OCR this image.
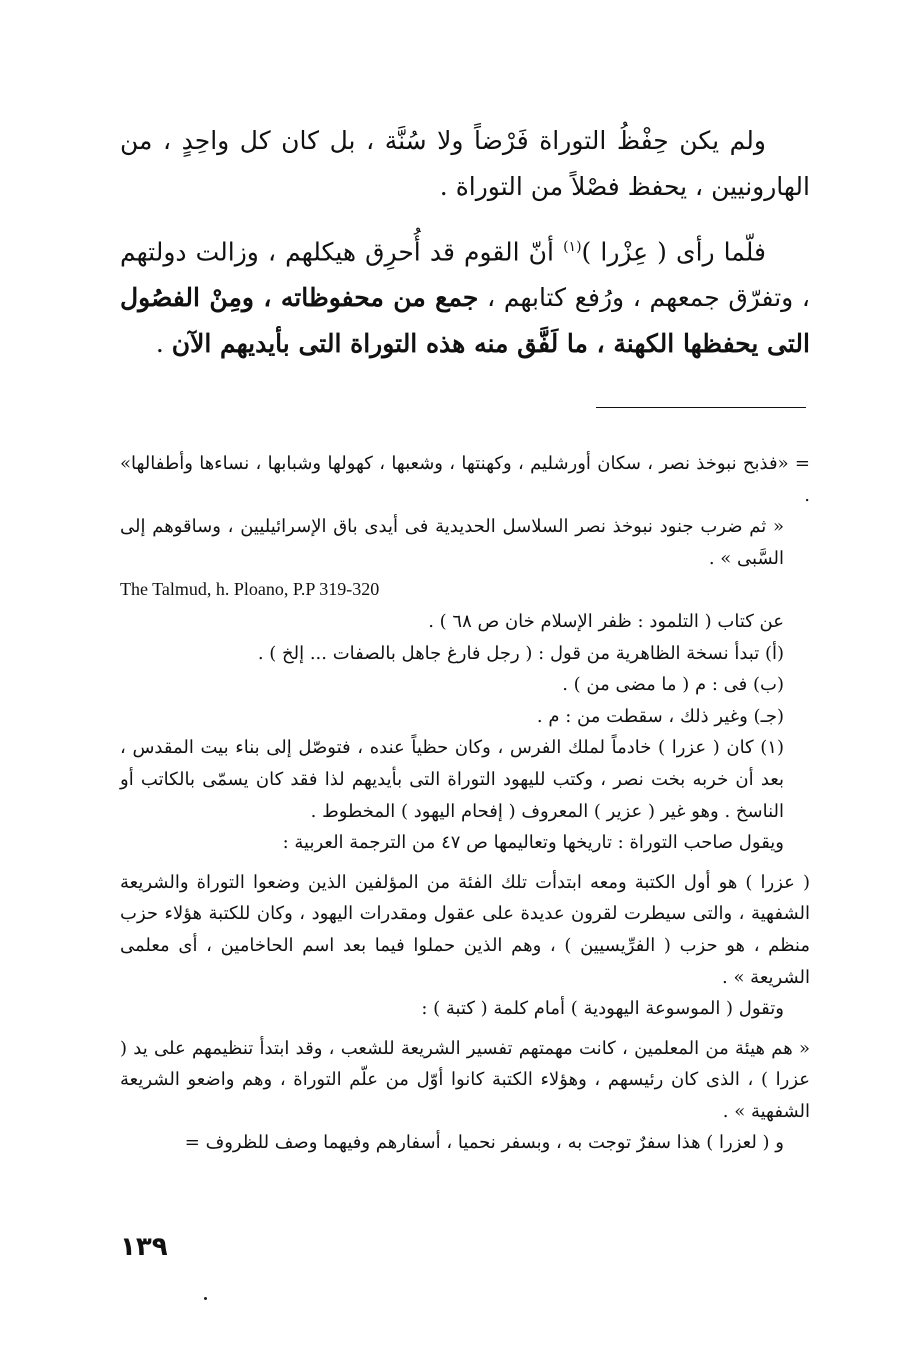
ولم يكن حِفْظُ التوراة فَرْضاً ولا سُنَّة ، بل كان كل واحِدٍ ، من الهارونيين ، يحفظ فصْلاً من التوراة .

فلّما رأى ( عِزْرا )$^{(١)}$ أنّ القوم قد أُحرِق هيكلهم ، وزالت دولتهم ، وتفرّق جمعهم ، ورُفع كتابهم ، جمع من محفوظاته ، ومِنْ الفصُول التى يحفظها الكهنة ، ما لَفَّق منه هذه التوراة التى بأيديهم الآن .

= «فذبح نبوخذ نصر ، سكان أورشليم ، وكهنتها ، وشعبها ، كهولها وشبابها ، نساءها وأطفالها» .
« ثم ضرب جنود نبوخذ نصر السلاسل الحديدية فى أيدى باق الإسرائيليين ، وساقوهم إلى السَّبى » .
The Talmud, h. Ploano, P.P 319-320
عن كتاب ( التلمود : ظفر الإسلام خان ص ٦٨ ) .
(أ) تبدأ نسخة الظاهرية من قول : ( رجل فارغ جاهل بالصفات ... إلخ ) .
(ب) فى : م ( ما مضى من ) .
(جـ) وغير ذلك ، سقطت من : م .
(١) كان ( عزرا ) خادماً لملك الفرس ، وكان حظياً عنده ، فتوصّل إلى بناء بيت المقدس ، بعد أن خربه بخت نصر ، وكتب لليهود التوراة التى بأيديهم لذا فقد كان يسمّى بالكاتب أو الناسخ . وهو غير ( عزير ) المعروف ( إفحام اليهود ) المخطوط .
ويقول صاحب التوراة : تاريخها وتعاليمها ص ٤٧ من الترجمة العربية :
( عزرا ) هو أول الكتبة ومعه ابتدأت تلك الفئة من المؤلفين الذين وضعوا التوراة والشريعة الشفهية ، والتى سيطرت لقرون عديدة على عقول ومقدرات اليهود ، وكان للكتبة هؤلاء حزب منظم ، هو حزب ( الفرِّيسيين ) ، وهم الذين حملوا فيما بعد اسم الحاخامين ، أى معلمى الشريعة » .
وتقول ( الموسوعة اليهودية ) أمام كلمة ( كتبة ) :
« هم هيئة من المعلمين ، كانت مهمتهم تفسير الشريعة للشعب ، وقد ابتدأ تنظيمهم على يد ( عزرا ) ، الذى كان رئيسهم ، وهؤلاء الكتبة كانوا أوّل من علّم التوراة ، وهم واضعو الشريعة الشفهية » .
و ( لعزرا ) هذا سفرٌ توجت به ، وبسفر نحميا ، أسفارهم وفيهما وصف للظروف =
١٣٩
